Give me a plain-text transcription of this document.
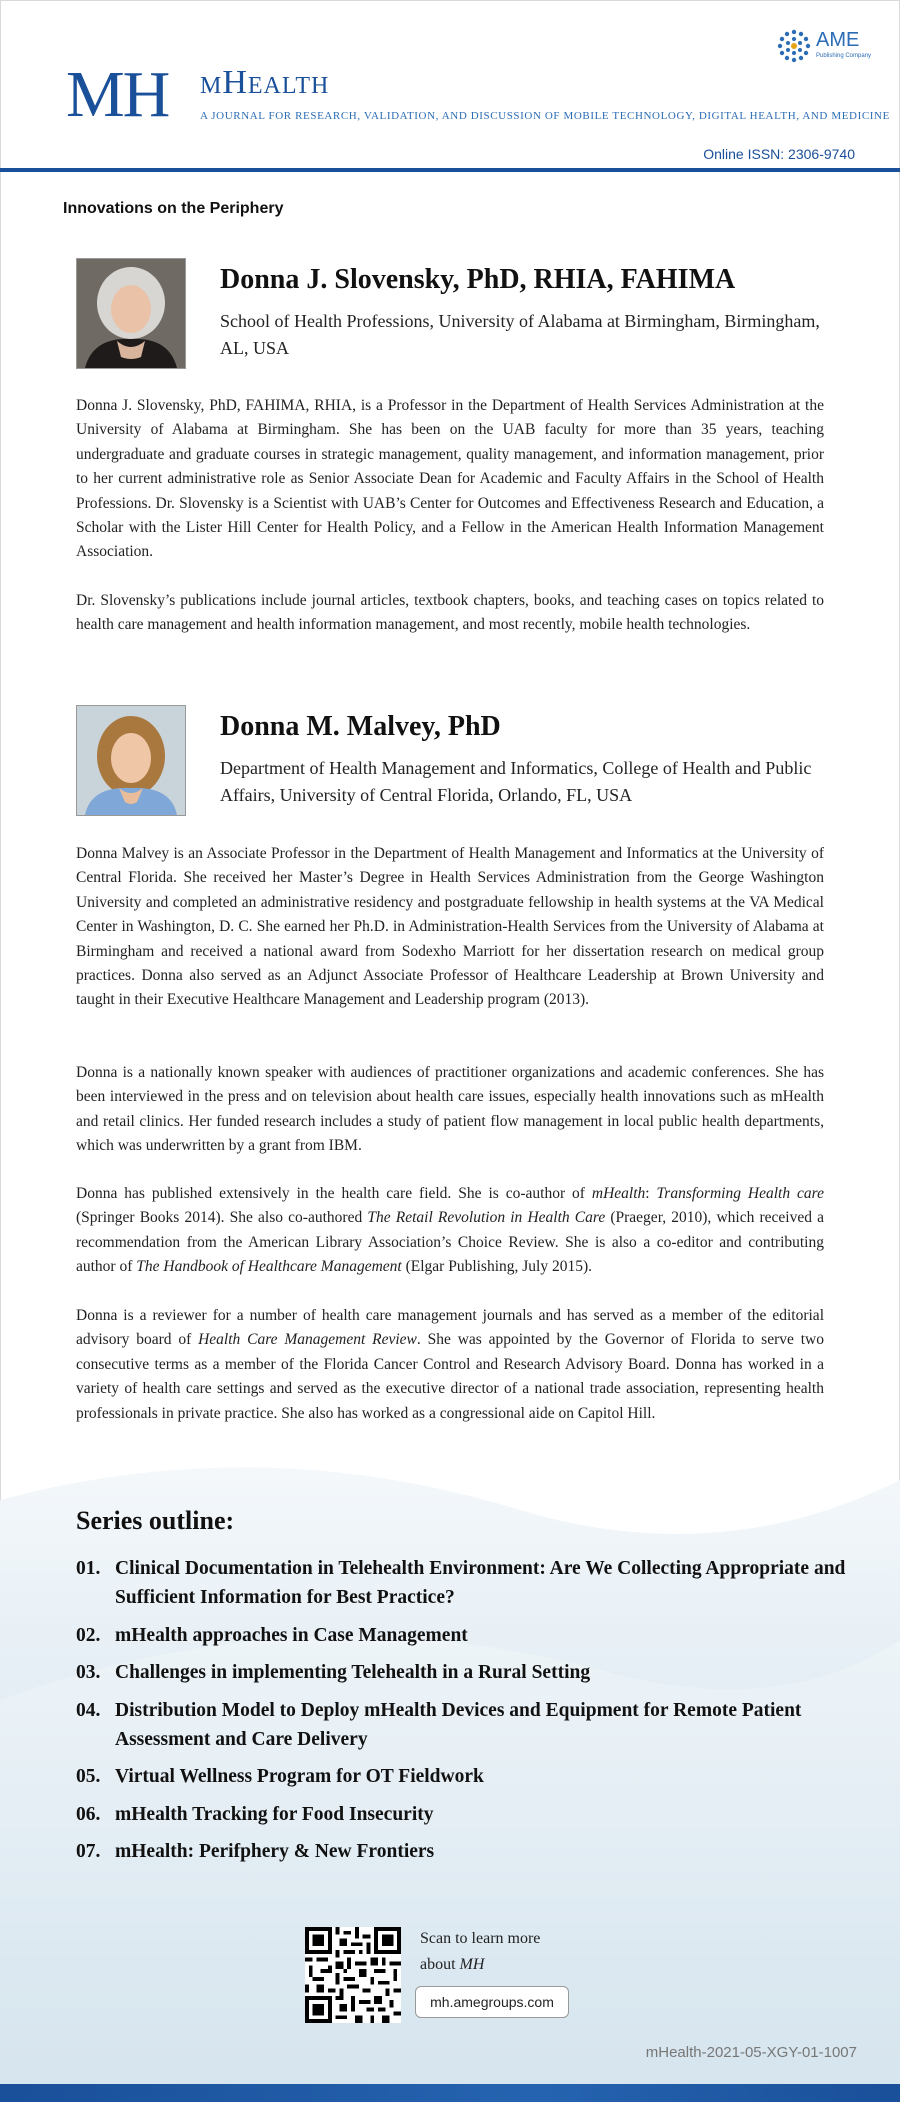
MH mHealth
A JOURNAL FOR RESEARCH, VALIDATION, AND DISCUSSION OF MOBILE TECHNOLOGY, DIGITAL HEALTH, AND MEDICINE
AME
Publishing Company
Online ISSN: 2306-9740
Innovations on the Periphery
Donna J. Slovensky, PhD, RHIA, FAHIMA
School of Health Professions, University of Alabama at Birmingham, Birmingham, AL, USA

Donna J. Slovensky, PhD, FAHIMA, RHIA, is a Professor in the Department of Health Services Administration at the University of Alabama at Birmingham. She has been on the UAB faculty for more than 35 years, teaching undergraduate and graduate courses in strategic management, quality management, and information management, prior to her current administrative role as Senior Associate Dean for Academic and Faculty Affairs in the School of Health Professions. Dr. Slovensky is a Scientist with UAB’s Center for Outcomes and Effectiveness Research and Education, a Scholar with the Lister Hill Center for Health Policy, and a Fellow in the American Health Information Management Association.

Dr. Slovensky’s publications include journal articles, textbook chapters, books, and teaching cases on topics related to health care management and health information management, and most recently, mobile health technologies.

Donna M. Malvey, PhD
Department of Health Management and Informatics, College of Health and Public Affairs, University of Central Florida, Orlando, FL, USA

Donna Malvey is an Associate Professor in the Department of Health Management and Informatics at the University of Central Florida. She received her Master’s Degree in Health Services Administration from the George Washington University and completed an administrative residency and postgraduate fellowship in health systems at the VA Medical Center in Washington, D. C. She earned her Ph.D. in Administration-Health Services from the University of Alabama at Birmingham and received a national award from Sodexho Marriott for her dissertation research on medical group practices. Donna also served as an Adjunct Associate Professor of Healthcare Leadership at Brown University and taught in their Executive Healthcare Management and Leadership program (2013).

Donna is a nationally known speaker with audiences of practitioner organizations and academic conferences. She has been interviewed in the press and on television about health care issues, especially health innovations such as mHealth and retail clinics. Her funded research includes a study of patient flow management in local public health departments, which was underwritten by a grant from IBM.

Donna has published extensively in the health care field. She is co-author of mHealth: Transforming Health care (Springer Books 2014). She also co-authored The Retail Revolution in Health Care (Praeger, 2010), which received a recommendation from the American Library Association’s Choice Review. She is also a co-editor and contributing author of The Handbook of Healthcare Management (Elgar Publishing, July 2015).

Donna is a reviewer for a number of health care management journals and has served as a member of the editorial advisory board of Health Care Management Review. She was appointed by the Governor of Florida to serve two consecutive terms as a member of the Florida Cancer Control and Research Advisory Board. Donna has worked in a variety of health care settings and served as the executive director of a national trade association, representing health professionals in private practice. She also has worked as a congressional aide on Capitol Hill.

Series outline:
01. Clinical Documentation in Telehealth Environment: Are We Collecting Appropriate and Sufficient Information for Best Practice?
02. mHealth approaches in Case Management
03. Challenges in implementing Telehealth in a Rural Setting
04. Distribution Model to Deploy mHealth Devices and Equipment for Remote Patient Assessment and Care Delivery
05. Virtual Wellness Program for OT Fieldwork
06. mHealth Tracking for Food Insecurity
07. mHealth: Perifphery & New Frontiers
Scan to learn more
about MH
mh.amegroups.com
mHealth-2021-05-XGY-01-1007
